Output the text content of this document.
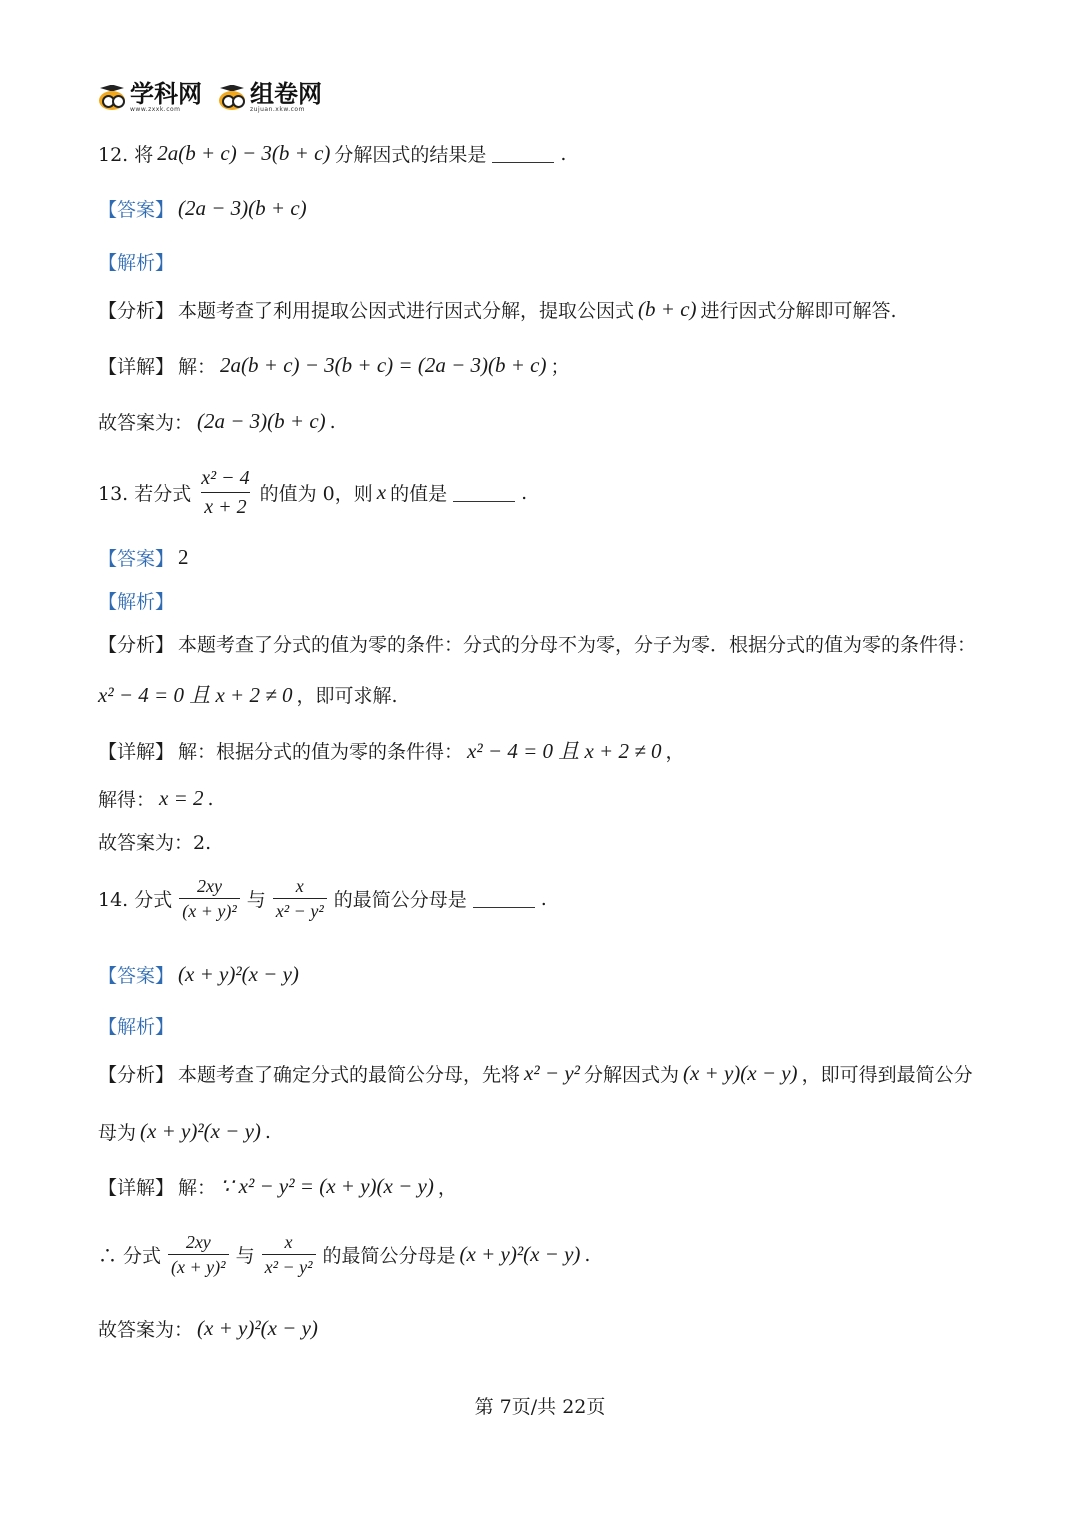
学科网
www.zxxk.com
组卷网
zujuan.xkw.com
12. 将 2a(b + c) − 3(b + c) 分解因式的结果是	.
【答案】 (2a − 3)(b + c)
【解析】
【分析】 本题考查了利用提取公因式进行因式分解，提取公因式 (b + c) 进行因式分解即可解答.
【详解】 解： 2a(b + c) − 3(b + c) = (2a − 3)(b + c) ；
故答案为： (2a − 3)(b + c) .
13. 若分式 $\frac{\text{x² − 4}}{x + 2}$ 的值为 0，则 x 的值是	.
【答案】 2
【解析】
【分析】 本题考查了分式的值为零的条件：分式的分母不为零，分子为零．根据分式的值为零的条件得：
x² − 4 = 0 且 x + 2 ≠ 0 ，即可求解.
【详解】 解：根据分式的值为零的条件得： x² − 4 = 0 且 x + 2 ≠ 0 ，
解得： x = 2 .
故答案为：2.
14. 分式 $\frac{2xy}{\text{(x + y)²}}$ 与 $\frac{x}{\text{x² − y²}}$ 的最简公分母是	.
【答案】 (x + y)²(x − y)
【解析】
【分析】 本题考查了确定分式的最简公分母，先将 x² − y² 分解因式为 (x + y)(x − y) ，即可得到最简公分
母为 (x + y)²(x − y) .
【详解】 解： ∵ x² − y² = (x + y)(x − y) ，
∴ 分式 $\frac{2xy}{\text{(x + y)²}}$ 与 $\frac{x}{\text{x² − y²}}$ 的最简公分母是 (x + y)²(x − y) .
故答案为： (x + y)²(x − y)
第 7页/共 22页
